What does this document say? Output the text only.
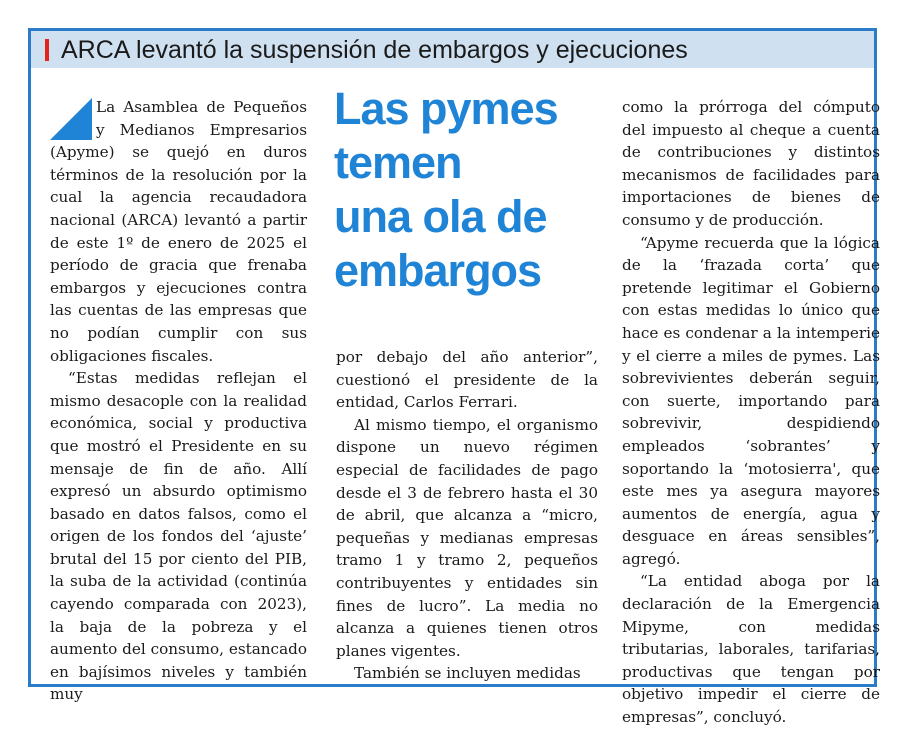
ARCA levantó la suspensión de embargos y ejecuciones

La Asamblea de Pequeños y Medianos Empresarios (Apyme) se quejó en duros términos de la resolución por la cual la agencia recaudadora nacional (ARCA) levantó a partir de este 1º de enero de 2025 el período de gracia que frenaba embargos y ejecuciones contra las cuentas de las empresas que no podían cumplir con sus obligaciones fiscales.

“Estas medidas reflejan el mismo desacople con la realidad económica, social y productiva que mostró el Presidente en su mensaje de fin de año. Allí expresó un absurdo optimismo basado en datos falsos, como el origen de los fondos del ‘ajuste’ brutal del 15 por ciento del PIB, la suba de la actividad (continúa cayendo comparada con 2023), la baja de la pobreza y el aumento del consumo, estancado en bajísimos niveles y también muy

Las pymes
temen
una ola de
embargos

por debajo del año anterior”, cuestionó el presidente de la entidad, Carlos Ferrari.

Al mismo tiempo, el organismo dispone un nuevo régimen especial de facilidades de pago desde el 3 de febrero hasta el 30 de abril, que alcanza a “micro, pequeñas y medianas empresas tramo 1 y tramo 2, pequeños contribuyentes y entidades sin fines de lucro”. La media no alcanza a quienes tienen otros planes vigentes.

También se incluyen medidas

como la prórroga del cómputo del impuesto al cheque a cuenta de contribuciones y distintos mecanismos de facilidades para importaciones de bienes de consumo y de producción.

“Apyme recuerda que la lógica de la ‘frazada corta’ que pretende legitimar el Gobierno con estas medidas lo único que hace es condenar a la intemperie y el cierre a miles de pymes. Las sobrevivientes deberán seguir, con suerte, importando para sobrevivir, despidiendo empleados ‘sobrantes’ y soportando la ‘motosierra', que este mes ya asegura mayores aumentos de energía, agua y desguace en áreas sensibles”, agregó.

“La entidad aboga por la declaración de la Emergencia Mipyme, con medidas tributarias, laborales, tarifarias, productivas que tengan por objetivo impedir el cierre de empresas”, concluyó.
